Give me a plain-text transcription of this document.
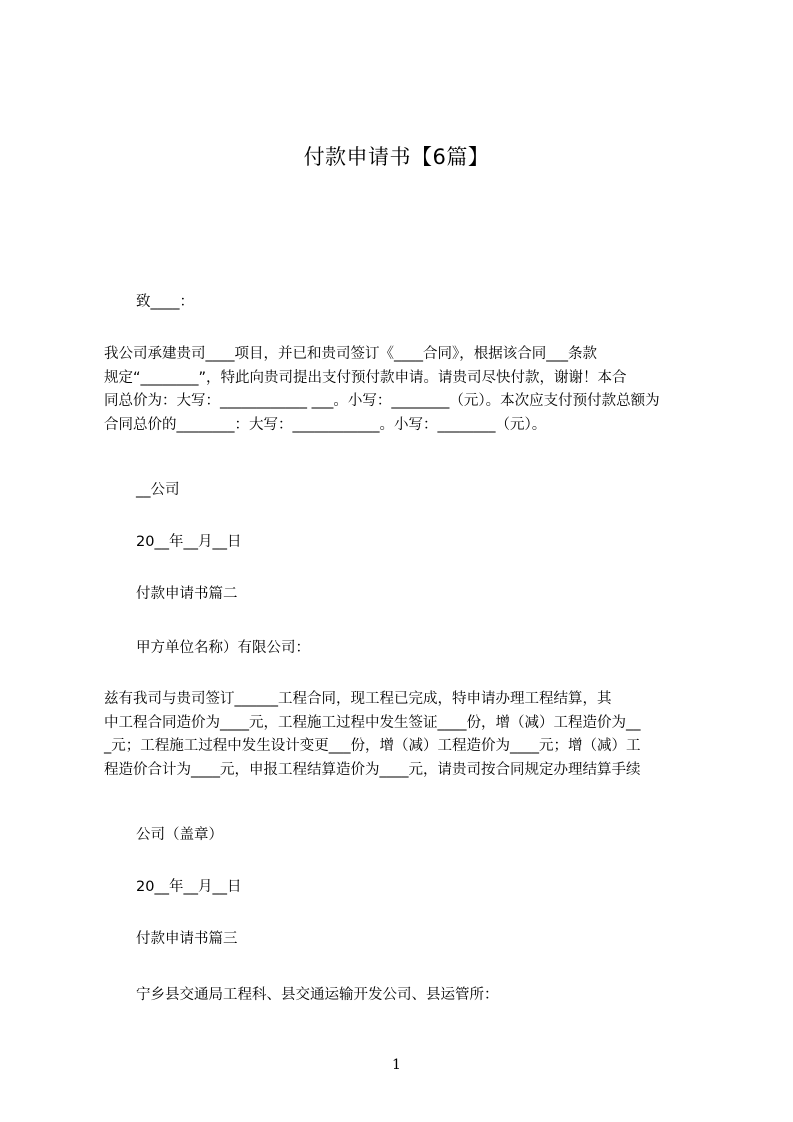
付款申请书【6篇】
致____：
我公司承建贵司____项目，并已和贵司签订《____合同》，根据该合同___条款
规定“________”，特此向贵司提出支付预付款申请。请贵司尽快付款，谢谢！本合
同总价为：大写：____________ ___。小写：________（元）。本次应支付预付款总额为
合同总价的________：大写：____________。小写：________（元）。
__公司
20__年__月__日
付款申请书篇二
甲方单位名称）有限公司：
兹有我司与贵司签订______工程合同，现工程已完成，特申请办理工程结算，其
中工程合同造价为____元，工程施工过程中发生签证____份，增（减）工程造价为__
_元；工程施工过程中发生设计变更___份，增（减）工程造价为____元；增（减）工
程造价合计为____元，申报工程结算造价为____元，请贵司按合同规定办理结算手续
公司（盖章）
20__年__月__日
付款申请书篇三
宁乡县交通局工程科、县交通运输开发公司、县运管所：
1
